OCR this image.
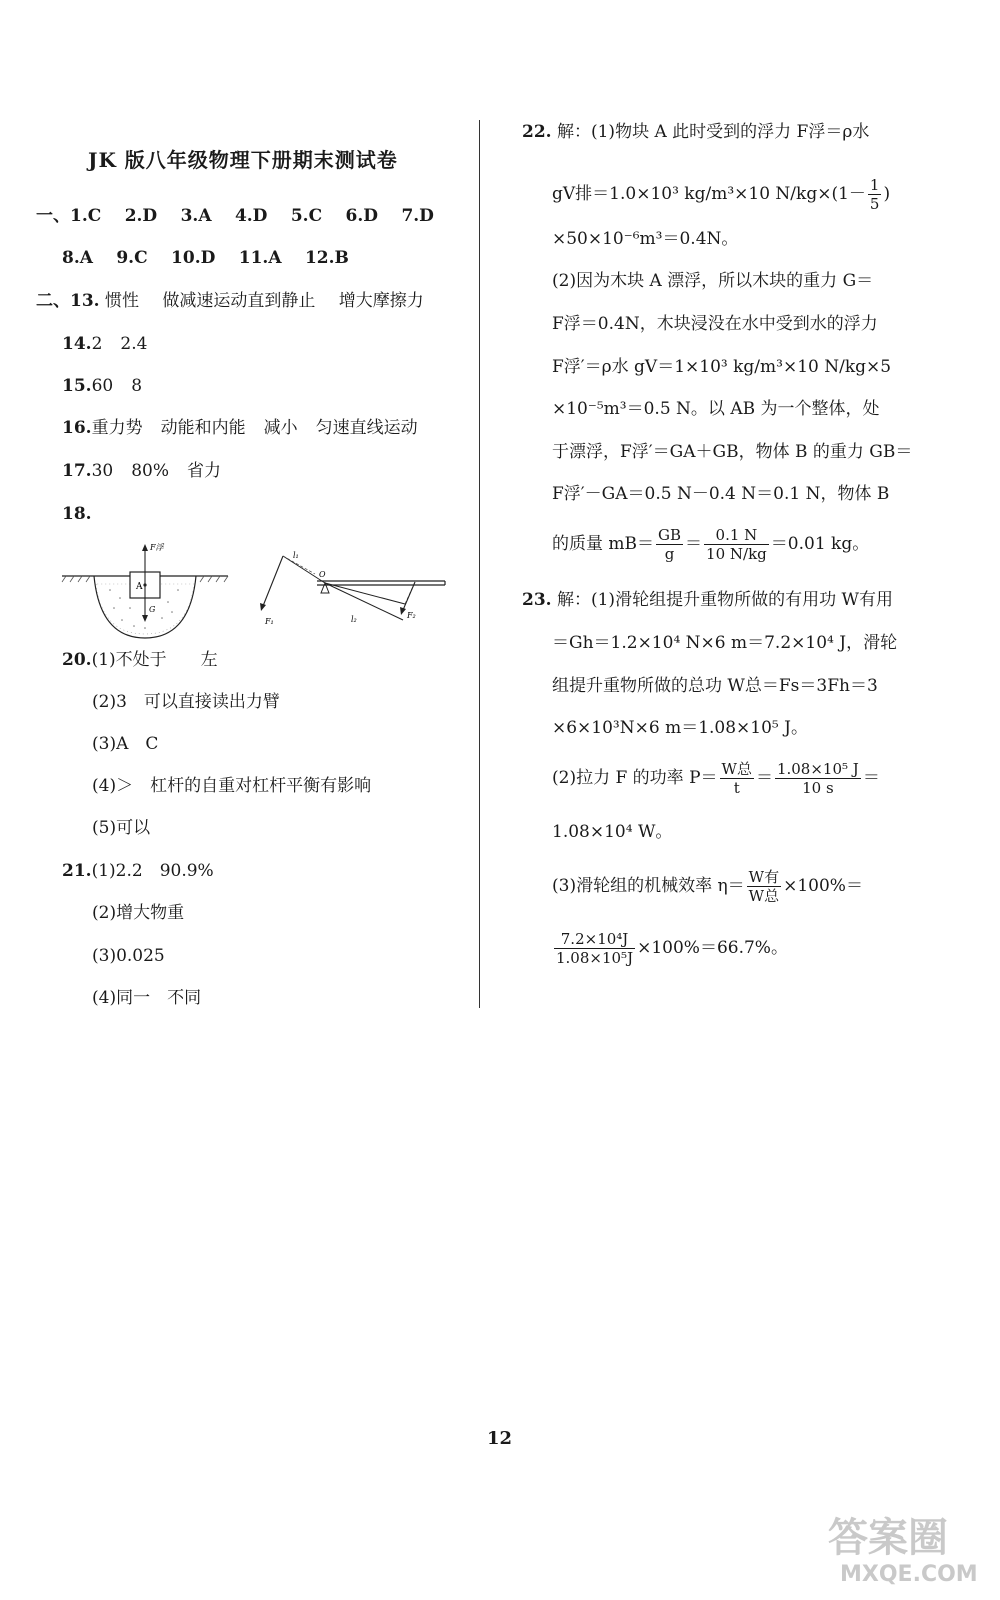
JK 版八年级物理下册期末测试卷
一、1.C 2.D 3.A 4.D 5.C 6.D 7.D
8.A 9.C 10.D 11.A 12.B
二、13. 惯性 做减速运动直到静止 增大摩擦力
14.2 2.4
15.60 8
16.重力势 动能和内能 减小 匀速直线运动
17.30 80% 省力
18.
F浮
A
G
l₁
O
l₂
F₁
F₂
20.(1)不处于　　左
(2)3　可以直接读出力臂
(3)A　C
(4)＞　杠杆的自重对杠杆平衡有影响
(5)可以
21.(1)2.2　90.9%
(2)增大物重
(3)0.025
(4)同一　不同
22. 解：(1)物块 A 此时受到的浮力 F浮＝ρ水
gV排＝1.0×10³ kg/m³×10 $N/kg\times(1- \frac{1}{5}$ )
×50×10⁻⁶m³＝0.4N。
(2)因为木块 A 漂浮，所以木块的重力 G＝
F浮＝0.4N，木块浸没在水中受到水的浮力
F浮′＝ρ水 gV＝1×10³ kg/m³×10 N/kg×5
×10⁻⁵m³＝0.5 N。以 AB 为一个整体，处
于漂浮，F浮′＝GA＋GB，物体 B 的重力 GB＝
F浮′－GA＝0.5 N－0.4 N＝0.1 N，物体 B
的质量 $mB= \frac{GB}{g} = \frac{0.1 N}{10 N/kg} =0.01$ kg。
23. 解：(1)滑轮组提升重物所做的有用功 W有用
＝Gh＝1.2×10⁴ N×6 m＝7.2×10⁴ J，滑轮
组提升重物所做的总功 W总＝Fs＝3Fh＝3
×6×10³N×6 m＝1.08×10⁵ J。
(2)拉力 F 的功率 $P= \frac{\text{W总}}{t} = \frac{\text{1.08×10⁵ J}}{10 s}$ ＝
1.08×10⁴ W。
(3)滑轮组的机械效率 $\eta= \frac{\text{W有}}{\text{W总}} \times 100\%=$
$\frac{\text{7.2×10⁴J}}{\text{1.08×10⁵J}} \times 100\%=66.7\%$。
12
答案圈
MXQE.COM
